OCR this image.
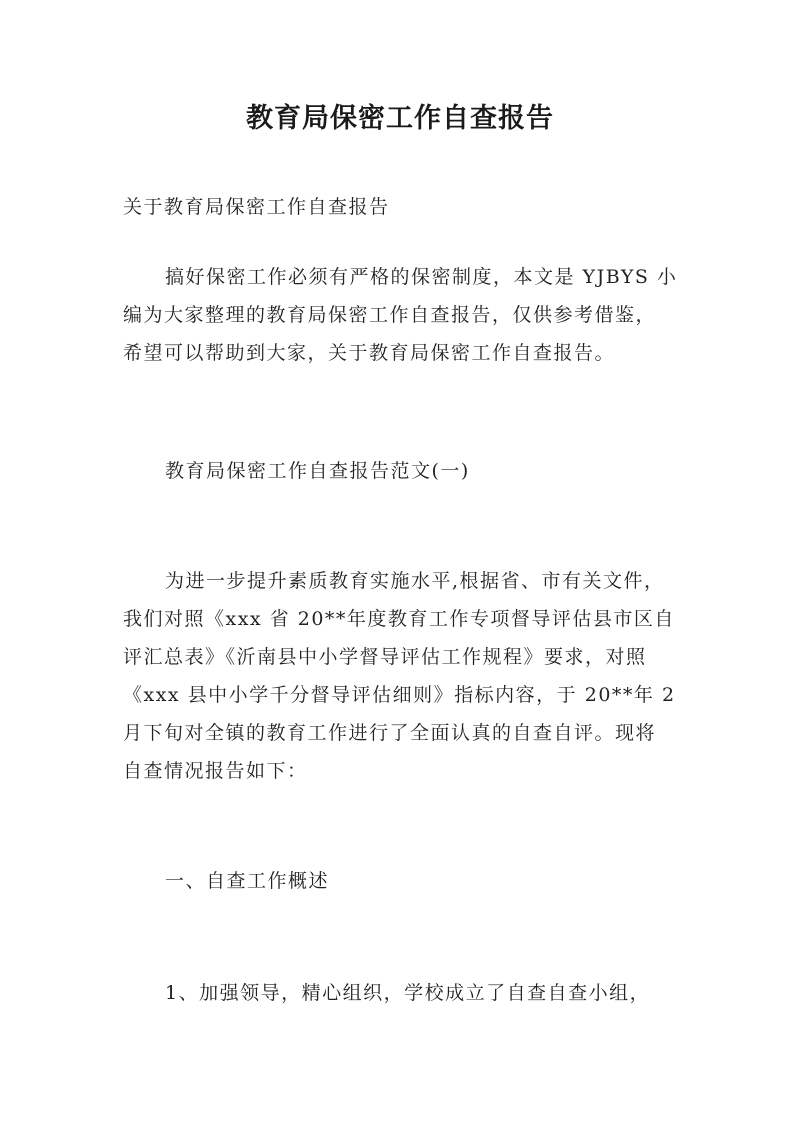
教育局保密工作自查报告
关于教育局保密工作自查报告
搞好保密工作必须有严格的保密制度，本文是 YJBYS 小
编为大家整理的教育局保密工作自查报告，仅供参考借鉴，
希望可以帮助到大家，关于教育局保密工作自查报告。
教育局保密工作自查报告范文(一)
为进一步提升素质教育实施水平,根据省、市有关文件，
我们对照《xxx 省 20**年度教育工作专项督导评估县市区自
评汇总表》《沂南县中小学督导评估工作规程》要求，对照
《xxx 县中小学千分督导评估细则》指标内容，于 20**年 2
月下旬对全镇的教育工作进行了全面认真的自查自评。现将
自查情况报告如下：
一、自查工作概述
1、加强领导，精心组织，学校成立了自查自查小组，
